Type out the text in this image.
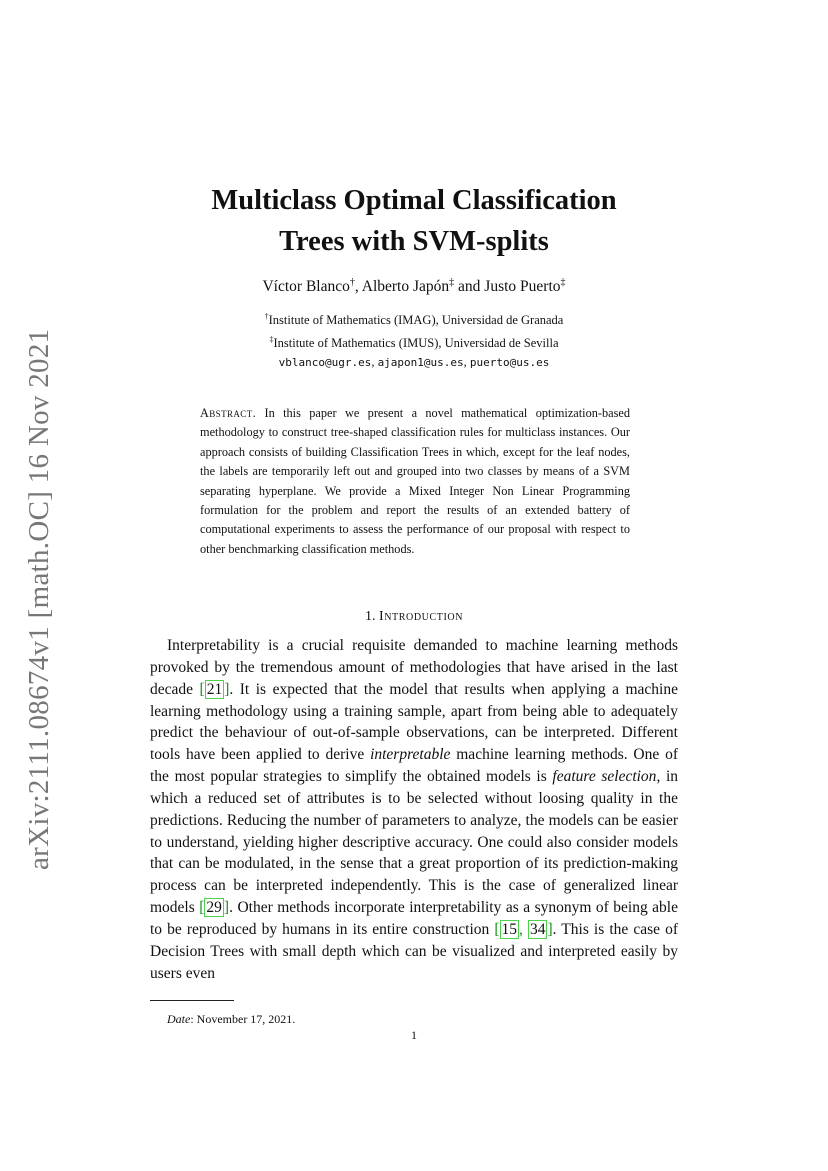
arXiv:2111.08674v1 [math.OC] 16 Nov 2021
Multiclass Optimal Classification
Trees with SVM-splits
Víctor Blanco†, Alberto Japón‡ and Justo Puerto‡
†Institute of Mathematics (IMAG), Universidad de Granada
‡Institute of Mathematics (IMUS), Universidad de Sevilla
vblanco@ugr.es, ajapon1@us.es, puerto@us.es
Abstract. In this paper we present a novel mathematical optimization-based methodology to construct tree-shaped classification rules for multiclass instances. Our approach consists of building Classification Trees in which, except for the leaf nodes, the labels are temporarily left out and grouped into two classes by means of a SVM separating hyperplane. We provide a Mixed Integer Non Linear Programming formulation for the problem and report the results of an extended battery of computational experiments to assess the performance of our proposal with respect to other benchmarking classification methods.
1. Introduction

Interpretability is a crucial requisite demanded to machine learning methods provoked by the tremendous amount of methodologies that have arised in the last decade [ 21 ]. It is expected that the model that results when applying a machine learning methodology using a training sample, apart from being able to adequately predict the behaviour of out-of-sample observations, can be interpreted. Different tools have been applied to derive interpretable machine learning methods. One of the most popular strategies to simplify the obtained models is feature selection, in which a reduced set of attributes is to be selected without loosing quality in the predictions. Reducing the number of parameters to analyze, the models can be easier to understand, yielding higher descriptive accuracy. One could also consider models that can be modulated, in the sense that a great proportion of its prediction-making process can be interpreted independently. This is the case of generalized linear models [ 29 ]. Other methods incorporate interpretability as a synonym of being able to be reproduced by humans in its entire construction [ 15 , 34 ]. This is the case of Decision Trees with small depth which can be visualized and interpreted easily by users even

Date: November 17, 2021.
1
